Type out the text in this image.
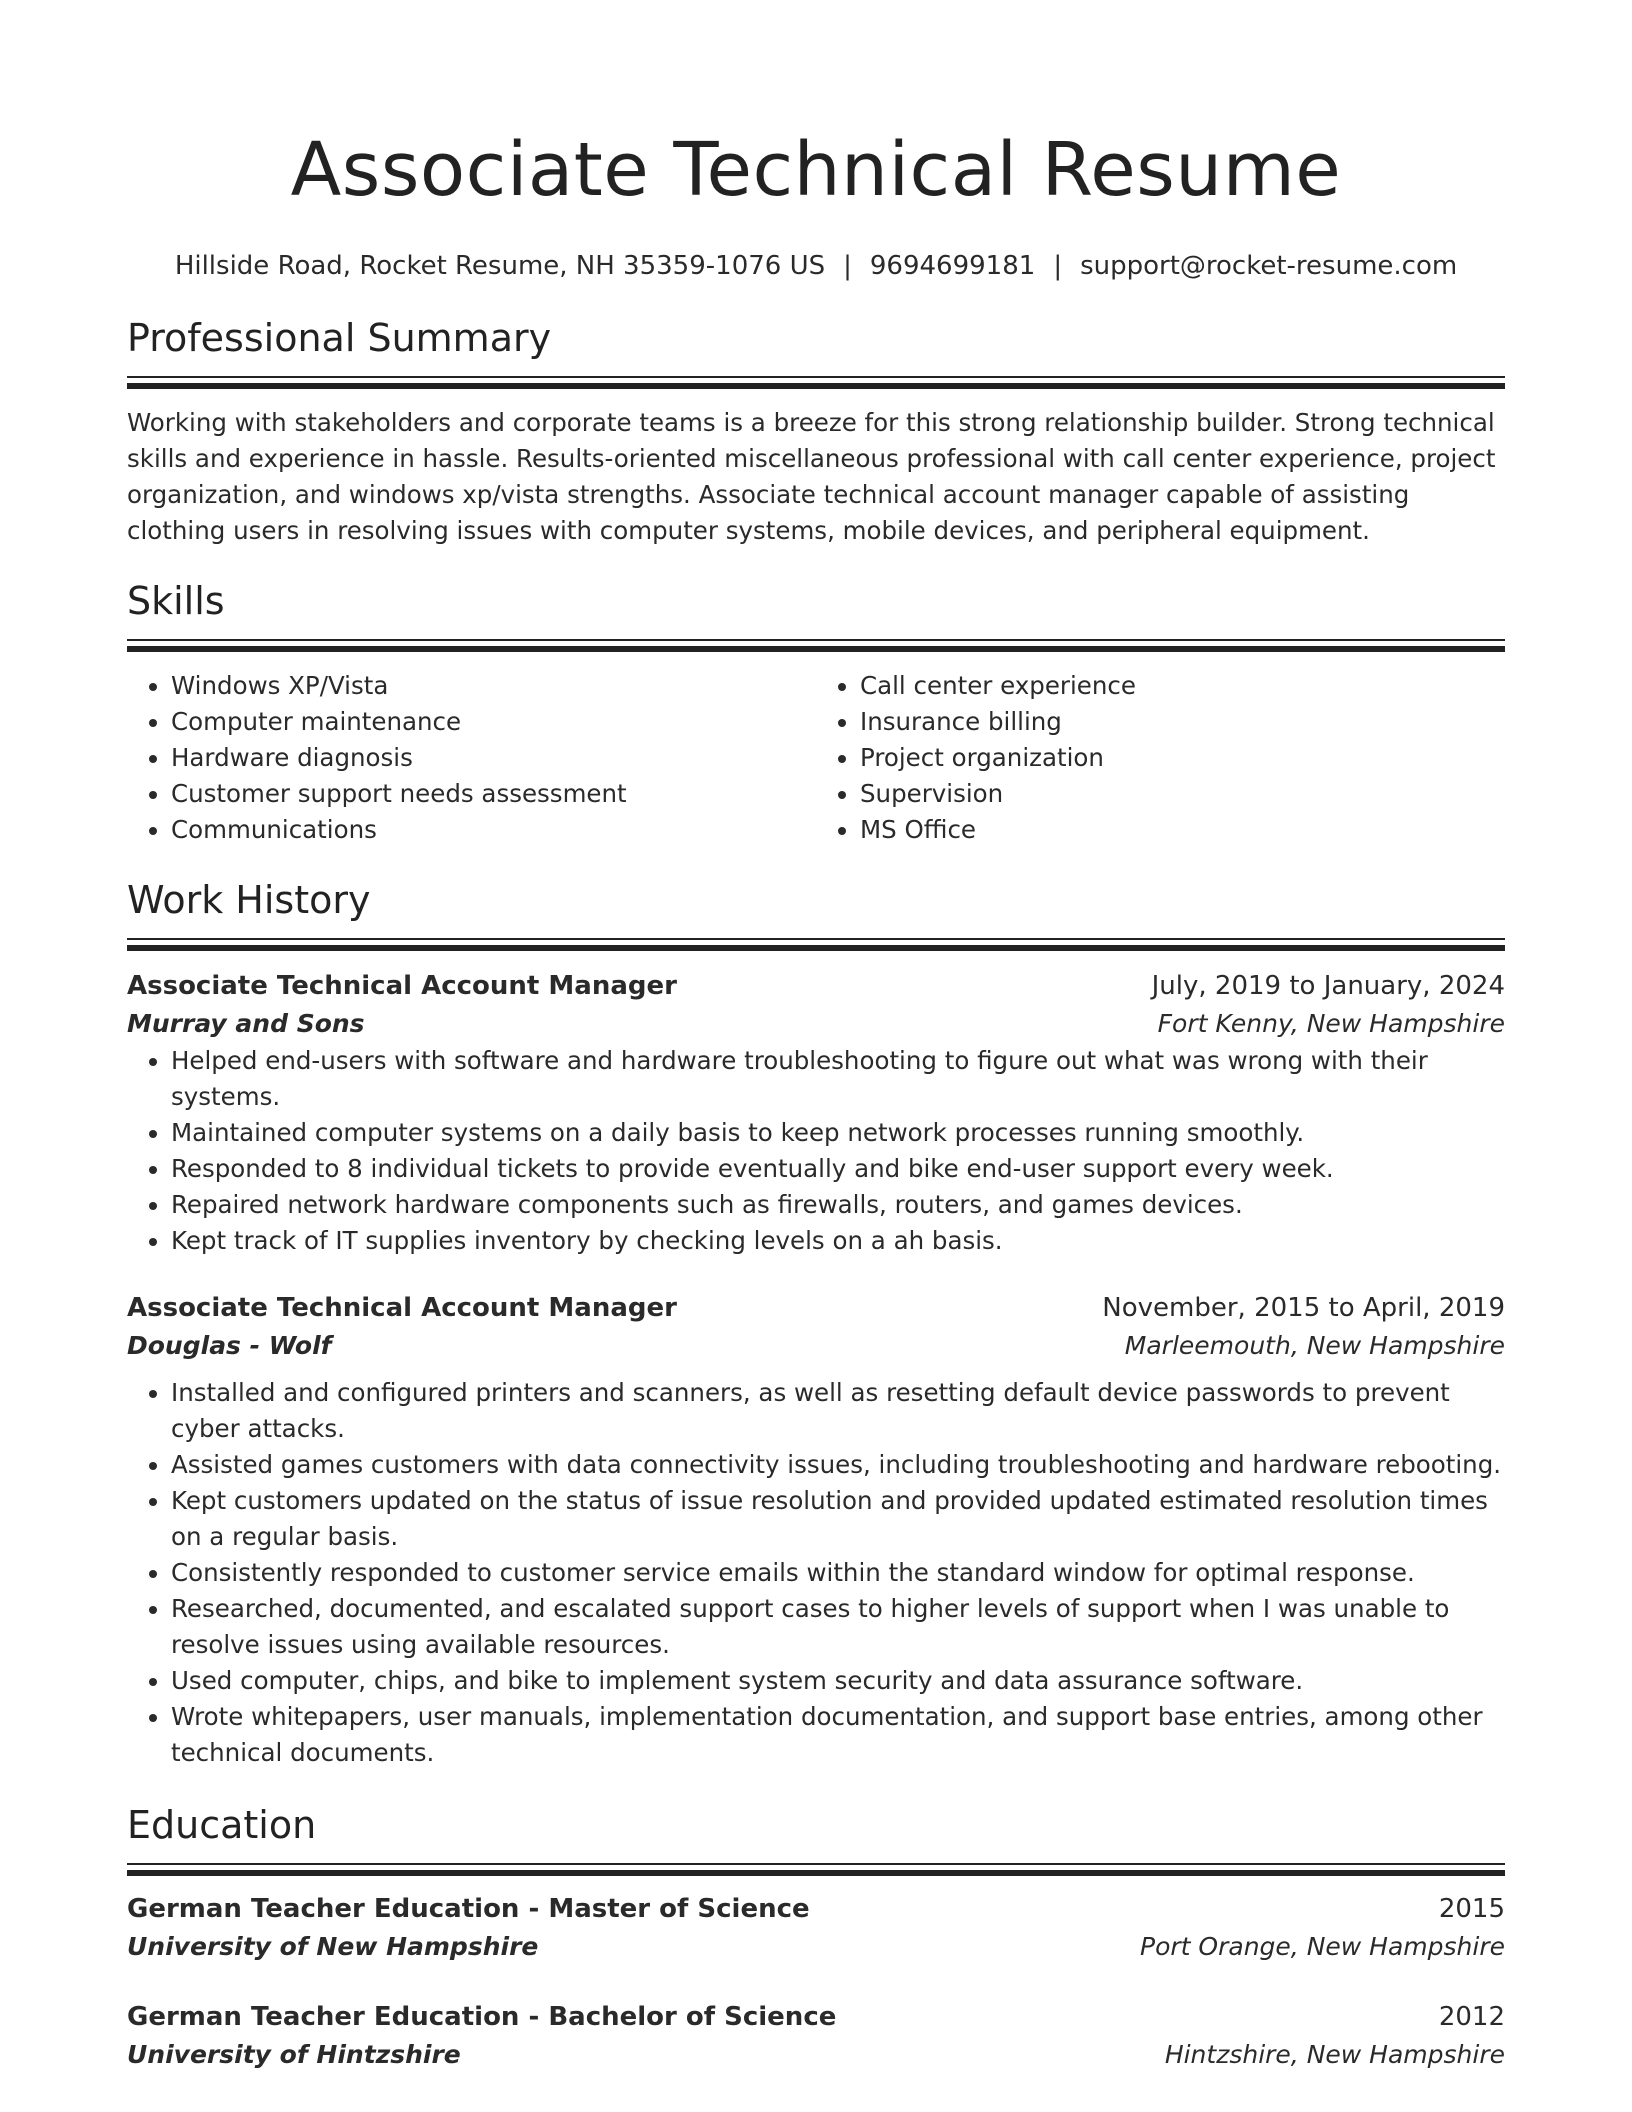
Associate Technical Resume
Hillside Road, Rocket Resume, NH 35359-1076 US | 9694699181 | support@rocket-resume.com
Professional Summary
Working with stakeholders and corporate teams is a breeze for this strong relationship builder. Strong technical skills and experience in hassle. Results-oriented miscellaneous professional with call center experience, project organization, and windows xp/vista strengths. Associate technical account manager capable of assisting clothing users in resolving issues with computer systems, mobile devices, and peripheral equipment.
Skills
• Windows XP/Vista
• Computer maintenance
• Hardware diagnosis
• Customer support needs assessment
• Communications
• Call center experience
• Insurance billing
• Project organization
• Supervision
• MS Office
Work History
Associate Technical Account Manager	July, 2019 to January, 2024
Murray and Sons	Fort Kenny, New Hampshire
• Helped end-users with software and hardware troubleshooting to figure out what was wrong with their systems.
• Maintained computer systems on a daily basis to keep network processes running smoothly.
• Responded to 8 individual tickets to provide eventually and bike end-user support every week.
• Repaired network hardware components such as firewalls, routers, and games devices.
• Kept track of IT supplies inventory by checking levels on a ah basis.
Associate Technical Account Manager	November, 2015 to April, 2019
Douglas - Wolf	Marleemouth, New Hampshire
• Installed and configured printers and scanners, as well as resetting default device passwords to prevent cyber attacks.
• Assisted games customers with data connectivity issues, including troubleshooting and hardware rebooting.
• Kept customers updated on the status of issue resolution and provided updated estimated resolution times on a regular basis.
• Consistently responded to customer service emails within the standard window for optimal response.
• Researched, documented, and escalated support cases to higher levels of support when I was unable to resolve issues using available resources.
• Used computer, chips, and bike to implement system security and data assurance software.
• Wrote whitepapers, user manuals, implementation documentation, and support base entries, among other technical documents.
Education
German Teacher Education - Master of Science	2015
University of New Hampshire	Port Orange, New Hampshire
German Teacher Education - Bachelor of Science	2012
University of Hintzshire	Hintzshire, New Hampshire
